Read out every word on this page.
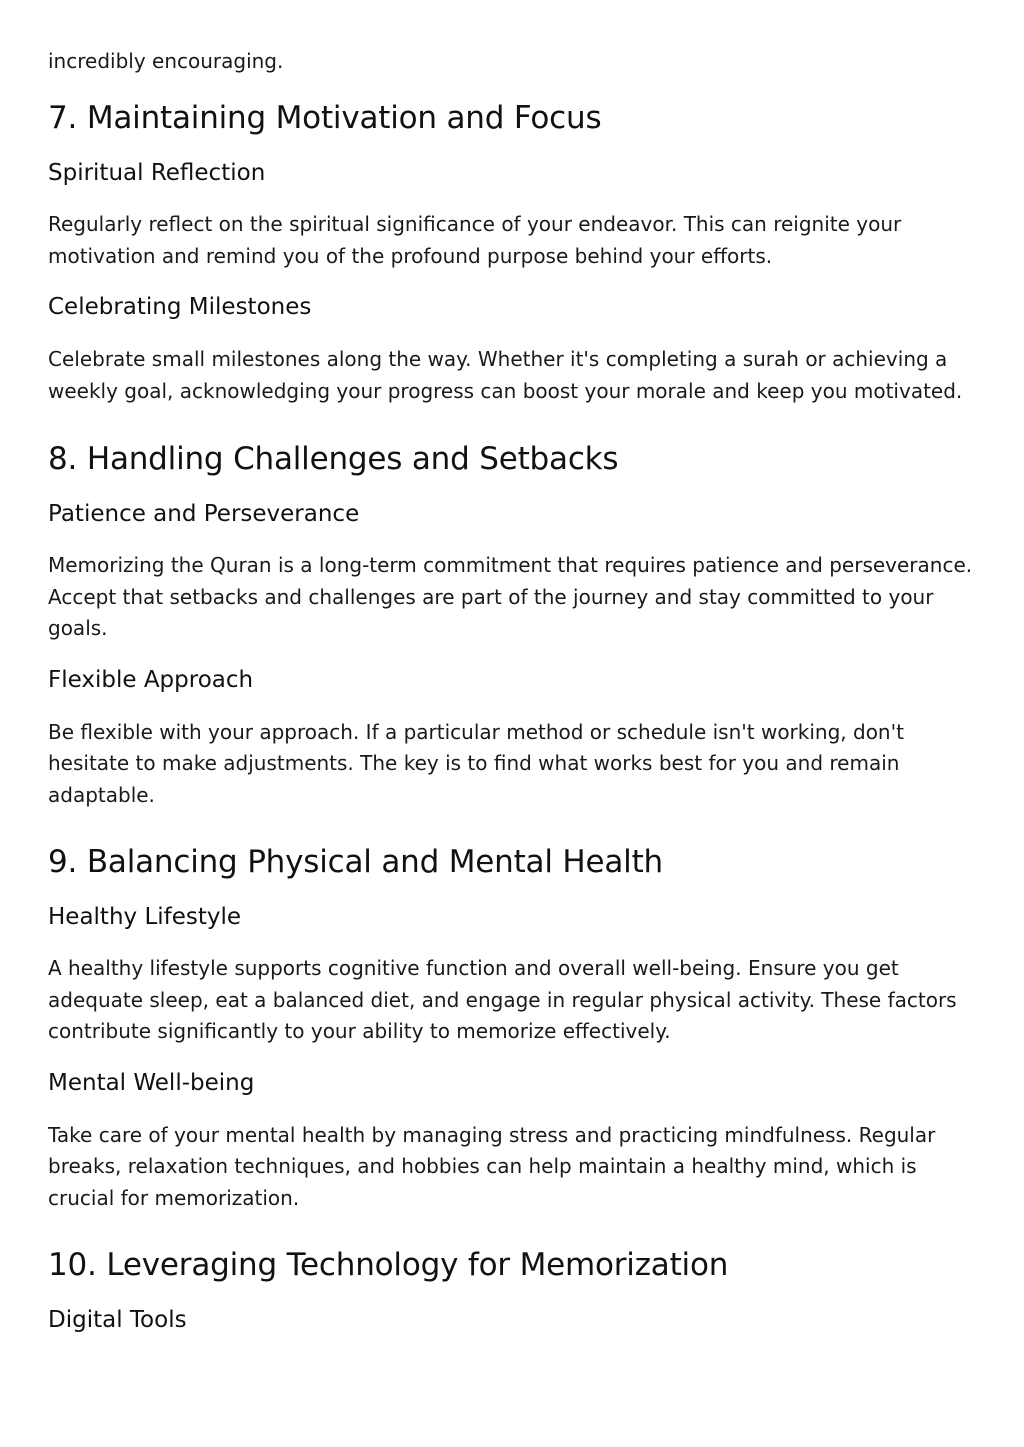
incredibly encouraging.

7. Maintaining Motivation and Focus
Spiritual Reflection

Regularly reflect on the spiritual significance of your endeavor. This can reignite your motivation and remind you of the profound purpose behind your efforts.

Celebrating Milestones

Celebrate small milestones along the way. Whether it's completing a surah or achieving a weekly goal, acknowledging your progress can boost your morale and keep you motivated.

8. Handling Challenges and Setbacks
Patience and Perseverance

Memorizing the Quran is a long-term commitment that requires patience and perseverance. Accept that setbacks and challenges are part of the journey and stay committed to your goals.

Flexible Approach

Be flexible with your approach. If a particular method or schedule isn't working, don't hesitate to make adjustments. The key is to find what works best for you and remain adaptable.

9. Balancing Physical and Mental Health
Healthy Lifestyle

A healthy lifestyle supports cognitive function and overall well-being. Ensure you get adequate sleep, eat a balanced diet, and engage in regular physical activity. These factors contribute significantly to your ability to memorize effectively.

Mental Well-being

Take care of your mental health by managing stress and practicing mindfulness. Regular breaks, relaxation techniques, and hobbies can help maintain a healthy mind, which is crucial for memorization.

10. Leveraging Technology for Memorization
Digital Tools
